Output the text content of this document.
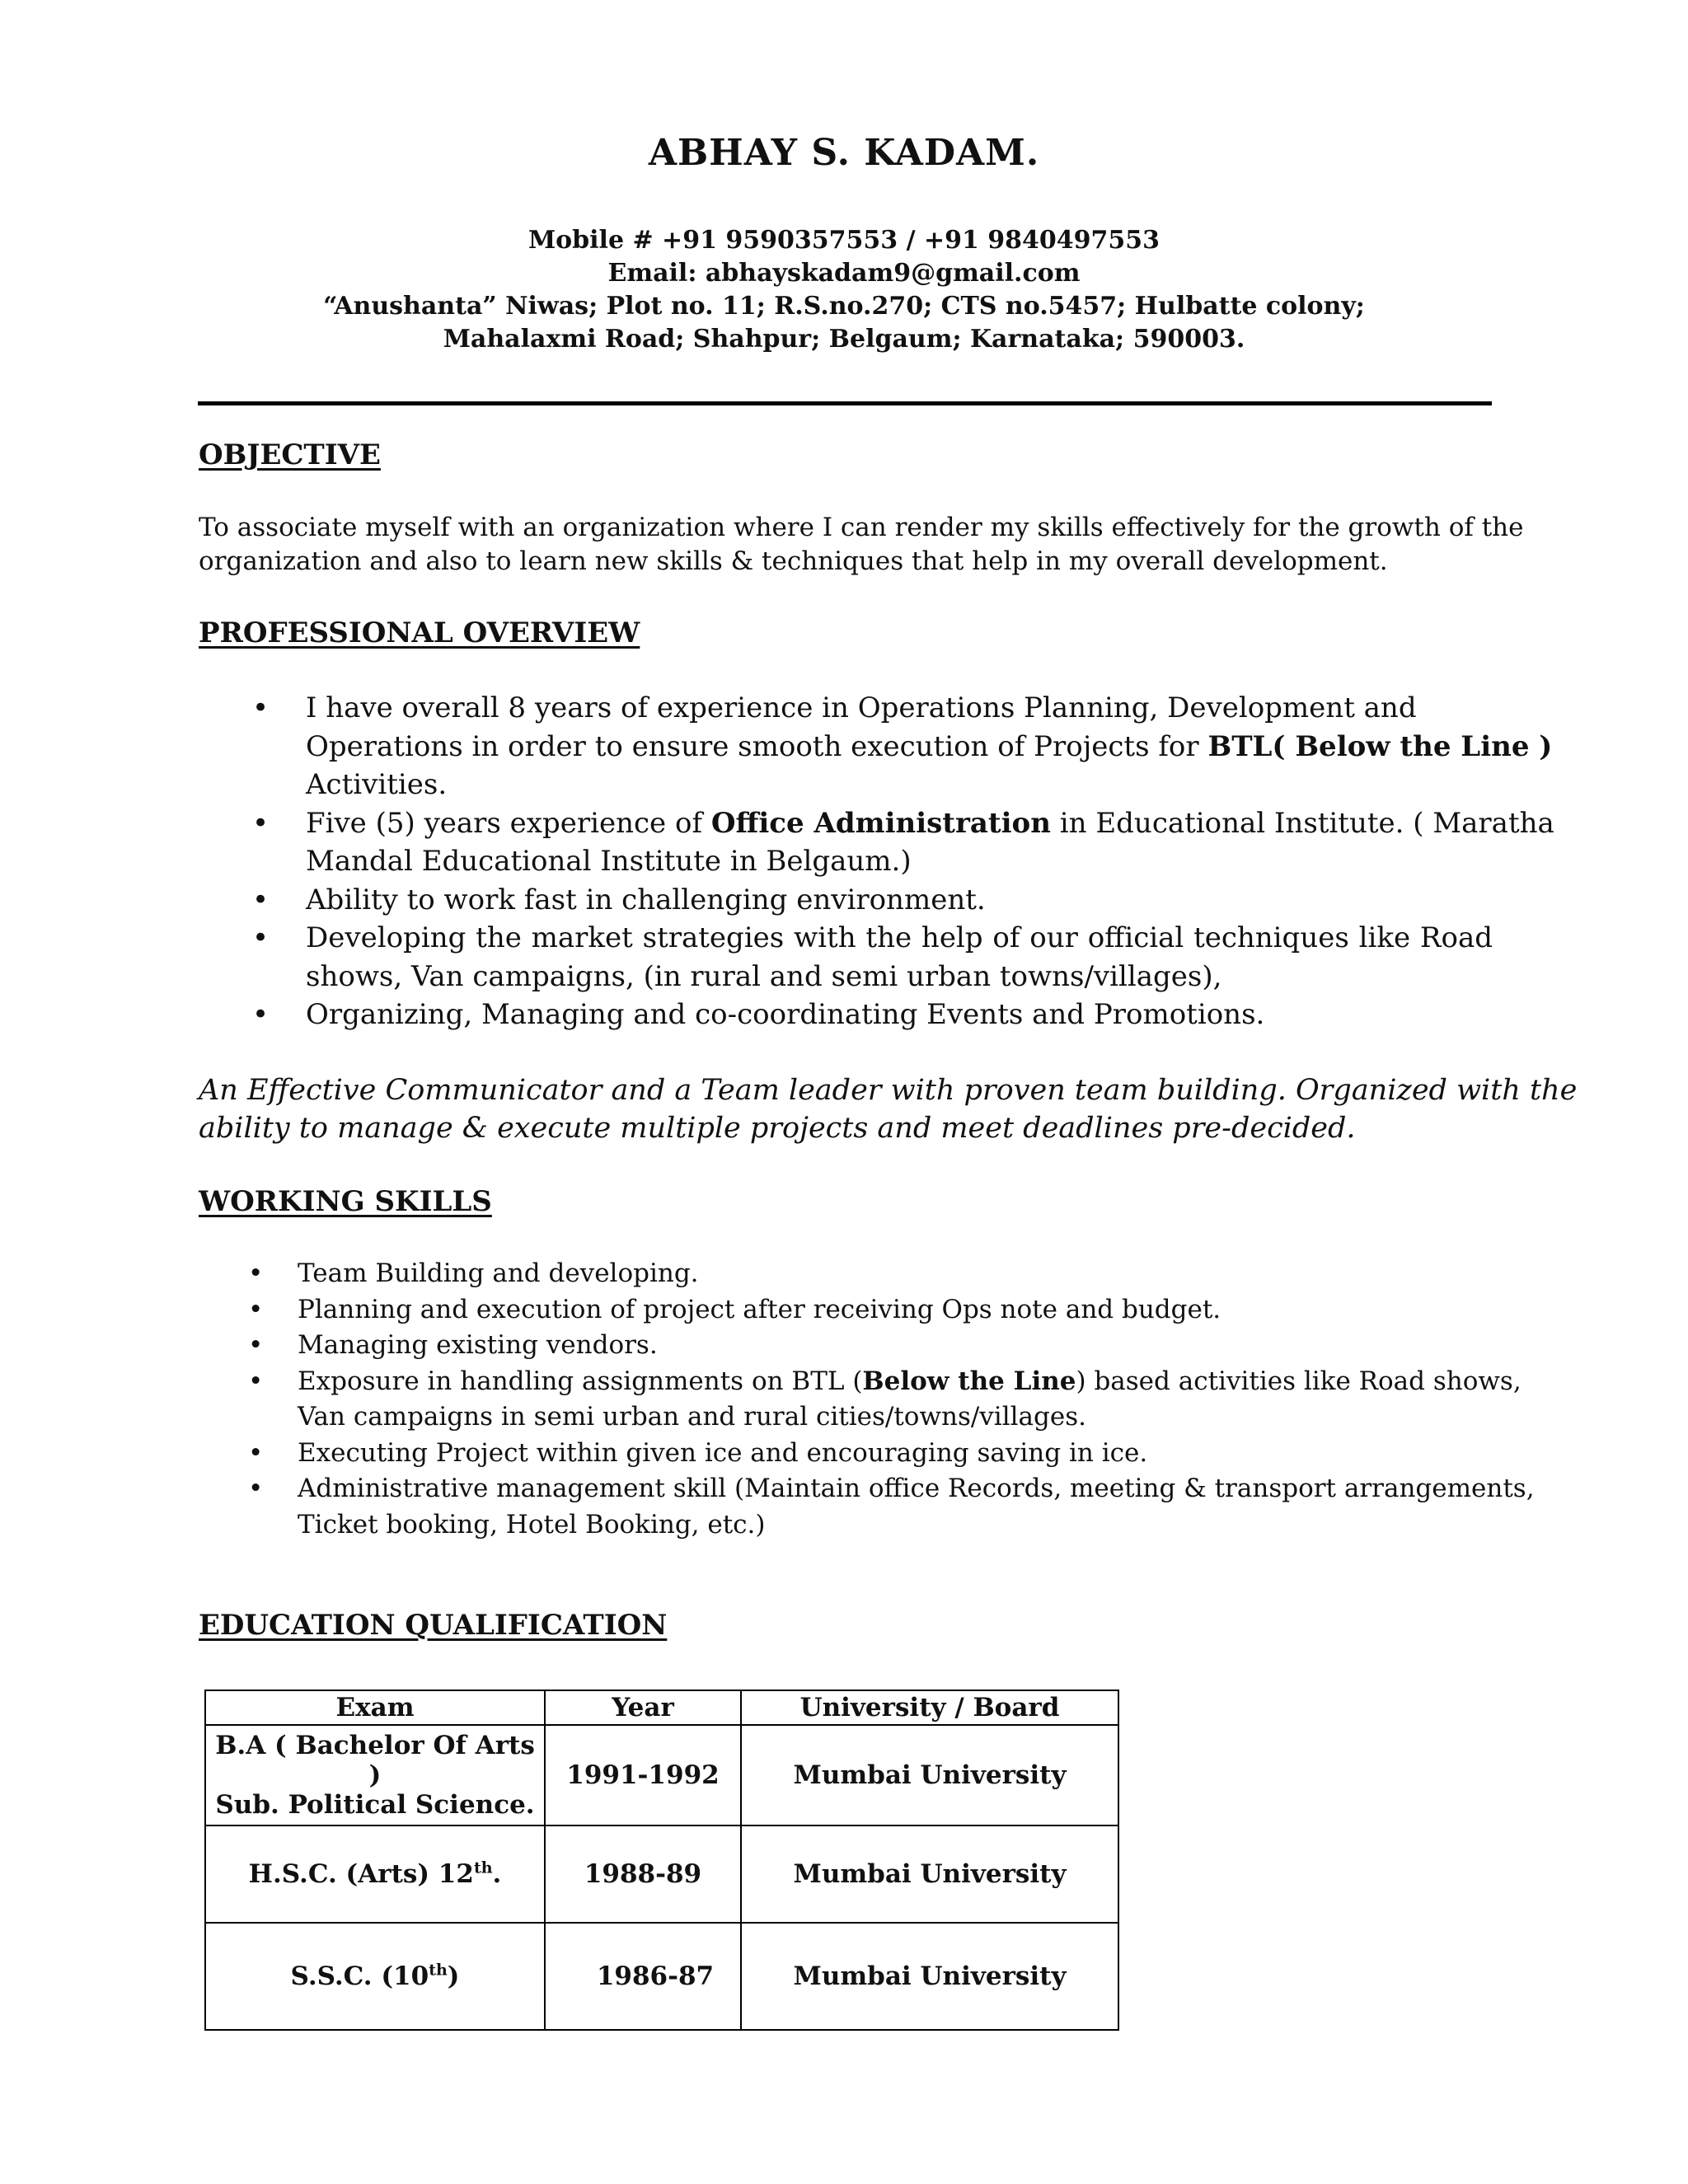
ABHAY S. KADAM.
Mobile # +91 9590357553 / +91 9840497553
Email: abhayskadam9@gmail.com
“Anushanta” Niwas; Plot no. 11; R.S.no.270; CTS no.5457; Hulbatte colony;
Mahalaxmi Road; Shahpur; Belgaum; Karnataka; 590003.
OBJECTIVE
To associate myself with an organization where I can render my skills effectively for the growth of the
organization and also to learn new skills & techniques that help in my overall development.
PROFESSIONAL OVERVIEW
• I have overall 8 years of experience in Operations Planning, Development and
Operations in order to ensure smooth execution of Projects for BTL( Below the Line )
Activities.
• Five (5) years experience of Office Administration in Educational Institute. ( Maratha
Mandal Educational Institute in Belgaum.)
• Ability to work fast in challenging environment.
• Developing the market strategies with the help of our official techniques like Road
shows, Van campaigns, (in rural and semi urban towns/villages),
• Organizing, Managing and co-coordinating Events and Promotions.
An Effective Communicator and a Team leader with proven team building. Organized with the
ability to manage & execute multiple projects and meet deadlines pre-decided.
WORKING SKILLS
• Team Building and developing.
• Planning and execution of project after receiving Ops note and budget.
• Managing existing vendors.
• Exposure in handling assignments on BTL (Below the Line) based activities like Road shows,
Van campaigns in semi urban and rural cities/towns/villages.
• Executing Project within given ice and encouraging saving in ice.
• Administrative management skill (Maintain office Records, meeting & transport arrangements,
Ticket booking, Hotel Booking, etc.)
EDUCATION QUALIFICATION
Exam	Year	University / Board

B.A ( Bachelor Of Arts )
Sub. Political Science.	1991-1992	Mumbai University
H.S.C. (Arts) 12th.	1988-89	Mumbai University
S.S.C. (10th)	1986-87	Mumbai University
